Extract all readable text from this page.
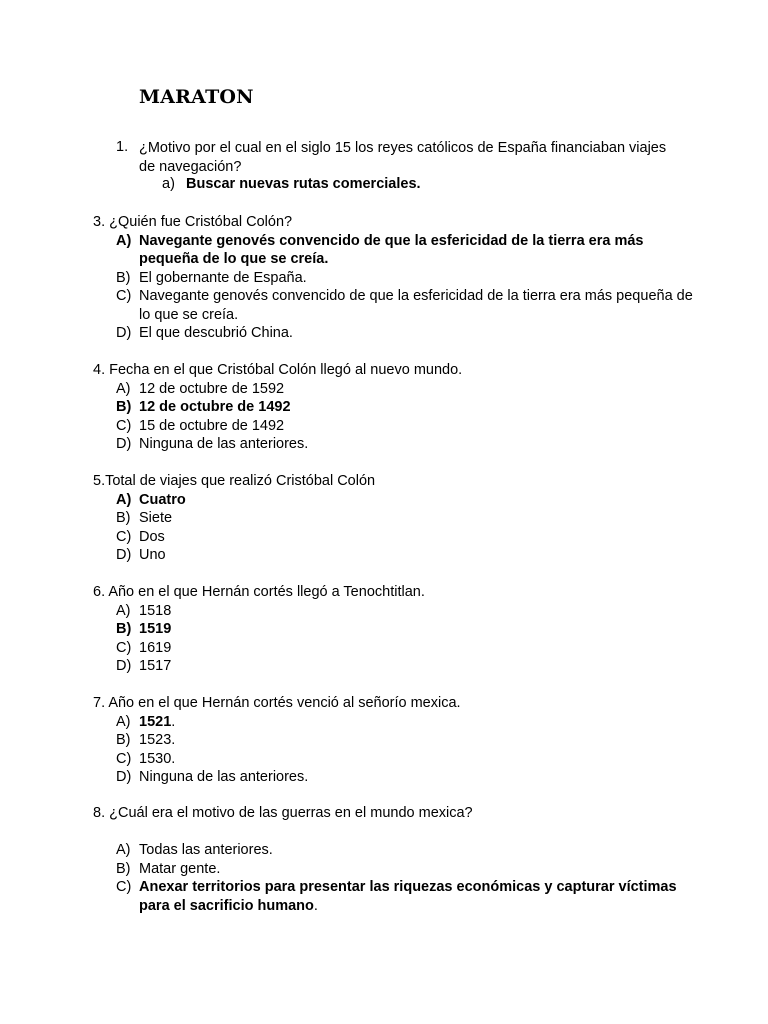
MARATON
1. ¿Motivo por el cual en el siglo 15 los reyes católicos de España financiaban viajes de navegación?
a) Buscar nuevas rutas comerciales.
3. ¿Quién fue Cristóbal Colón?
A) Navegante genovés convencido de que la esfericidad de la tierra era más pequeña de lo que se creía.
B) El gobernante de España.
C) Navegante genovés convencido de que la esfericidad de la tierra era más pequeña de lo que se creía.
D) El que descubrió China.
4. Fecha en el que Cristóbal Colón llegó al nuevo mundo.
A) 12 de octubre de 1592
B) 12 de octubre de 1492
C) 15 de octubre de 1492
D) Ninguna de las anteriores.
5.Total de viajes que realizó Cristóbal Colón
A) Cuatro
B) Siete
C) Dos
D) Uno
6. Año en el que Hernán cortés llegó a Tenochtitlan.
A) 1518
B) 1519
C) 1619
D) 1517
7. Año en el que Hernán cortés venció al señorío mexica.
A) 1521.
B) 1523.
C) 1530.
D) Ninguna de las anteriores.
8. ¿Cuál era el motivo de las guerras en el mundo mexica?
A) Todas las anteriores.
B) Matar gente.
C) Anexar territorios para presentar las riquezas económicas y capturar víctimas para el sacrificio humano.
